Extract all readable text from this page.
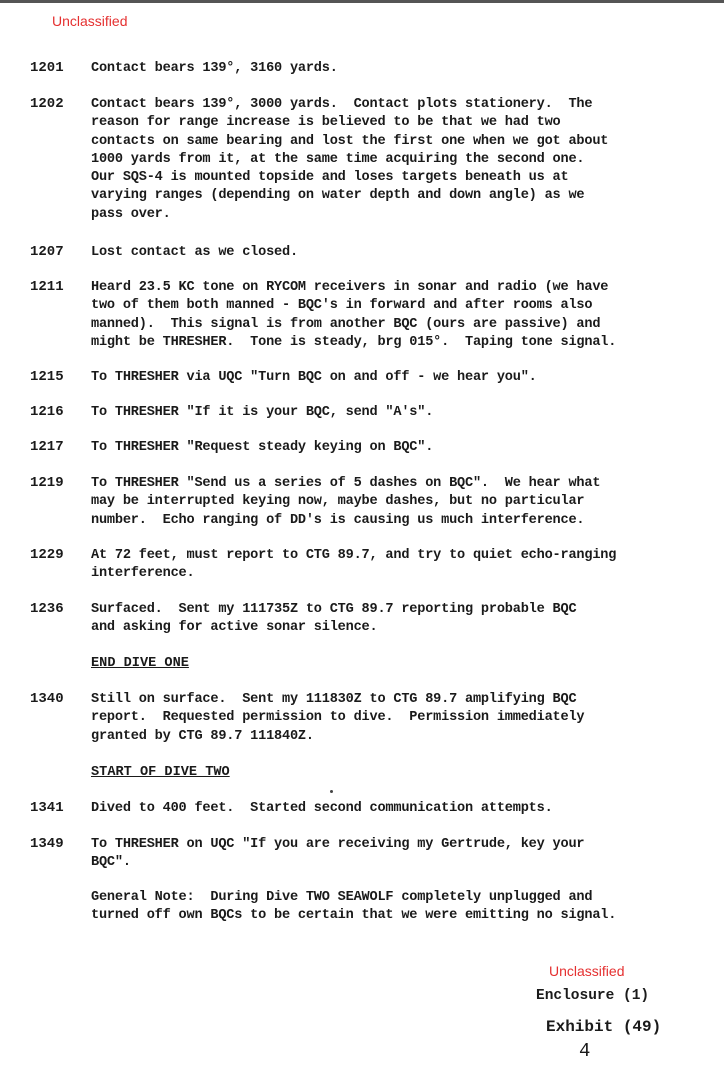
Unclassified
1201 Contact bears 139°, 3160 yards.
1202 Contact bears 139°, 3000 yards.  Contact plots stationery.  The
reason for range increase is believed to be that we had two
contacts on same bearing and lost the first one when we got about
1000 yards from it, at the same time acquiring the second one.
Our SQS-4 is mounted topside and loses targets beneath us at
varying ranges (depending on water depth and down angle) as we
pass over.
1207 Lost contact as we closed.
1211 Heard 23.5 KC tone on RYCOM receivers in sonar and radio (we have
two of them both manned - BQC's in forward and after rooms also
manned).  This signal is from another BQC (ours are passive) and
might be THRESHER.  Tone is steady, brg 015°.  Taping tone signal.
1215 To THRESHER via UQC "Turn BQC on and off - we hear you".
1216 To THRESHER "If it is your BQC, send "A's".
1217 To THRESHER "Request steady keying on BQC".
1219 To THRESHER "Send us a series of 5 dashes on BQC".  We hear what
may be interrupted keying now, maybe dashes, but no particular
number.  Echo ranging of DD's is causing us much interference.
1229 At 72 feet, must report to CTG 89.7, and try to quiet echo-ranging
interference.
1236 Surfaced.  Sent my 111735Z to CTG 89.7 reporting probable BQC
and asking for active sonar silence.
END DIVE ONE
1340 Still on surface.  Sent my 111830Z to CTG 89.7 amplifying BQC
report.  Requested permission to dive.  Permission immediately
granted by CTG 89.7 111840Z.
START OF DIVE TWO
1341 Dived to 400 feet.  Started second communication attempts.
1349 To THRESHER on UQC "If you are receiving my Gertrude, key your
BQC".
General Note:  During Dive TWO SEAWOLF completely unplugged and
turned off own BQCs to be certain that we were emitting no signal.
Unclassified
Enclosure (1)
Exhibit (49)
4
